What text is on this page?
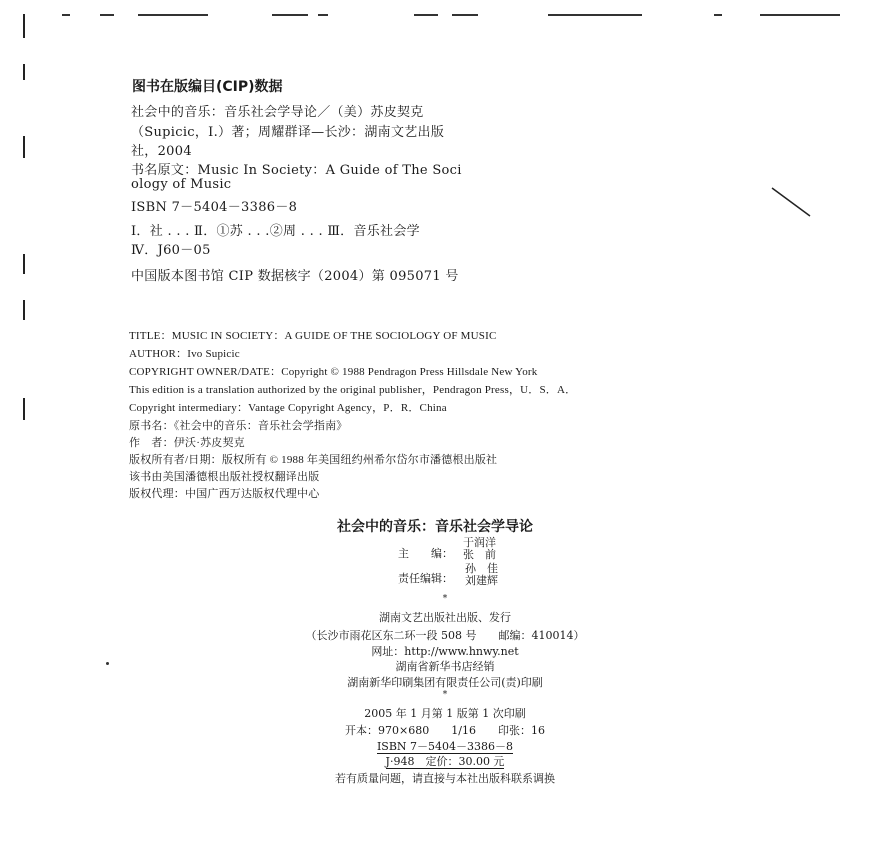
图书在版编目(CIP)数据
社会中的音乐：音乐社会学导论／（美）苏皮契克
（Supicic，I.）著；周耀群译—长沙：湖南文艺出版
社，2004
书名原文：Music In Society：A Guide of The Soci
ology of Music
ISBN 7－5404－3386－8
Ⅰ．社 . . . Ⅱ．①苏 . . .②周 . . . Ⅲ．音乐社会学
Ⅳ．J60－05
中国版本图书馆 CIP 数据核字（2004）第 095071 号
TITLE：MUSIC IN SOCIETY：A GUIDE OF THE SOCIOLOGY OF MUSIC
AUTHOR：Ivo Supicic
COPYRIGHT OWNER/DATE：Copyright © 1988 Pendragon Press Hillsdale New York
This edition is a translation authorized by the original publisher，Pendragon Press，U．S．A．
Copyright intermediary：Vantage Copyright Agency，P．R．China
原书名：《社会中的音乐：音乐社会学指南》
作　者：伊沃·苏皮契克
版权所有者/日期：版权所有 © 1988 年美国纽约州希尔岱尔市潘德根出版社
该书由美国潘德根出版社授权翻译出版
版权代理：中国广西万达版权代理中心
社会中的音乐：音乐社会学导论
主　　编：
于润洋
张　前
责任编辑：
孙　佳
刘建辉
*
湖南文艺出版社出版、发行
（长沙市雨花区东二环一段 508 号　　邮编：410014）
网址：http://www.hnwy.net
湖南省新华书店经销
湖南新华印刷集团有限责任公司(责)印刷
*
2005 年 1 月第 1 版第 1 次印刷
开本：970×680　　1/16　　印张：16
ISBN 7－5404－3386－8
J·948　定价：30.00 元
若有质量问题，请直接与本社出版科联系调换
